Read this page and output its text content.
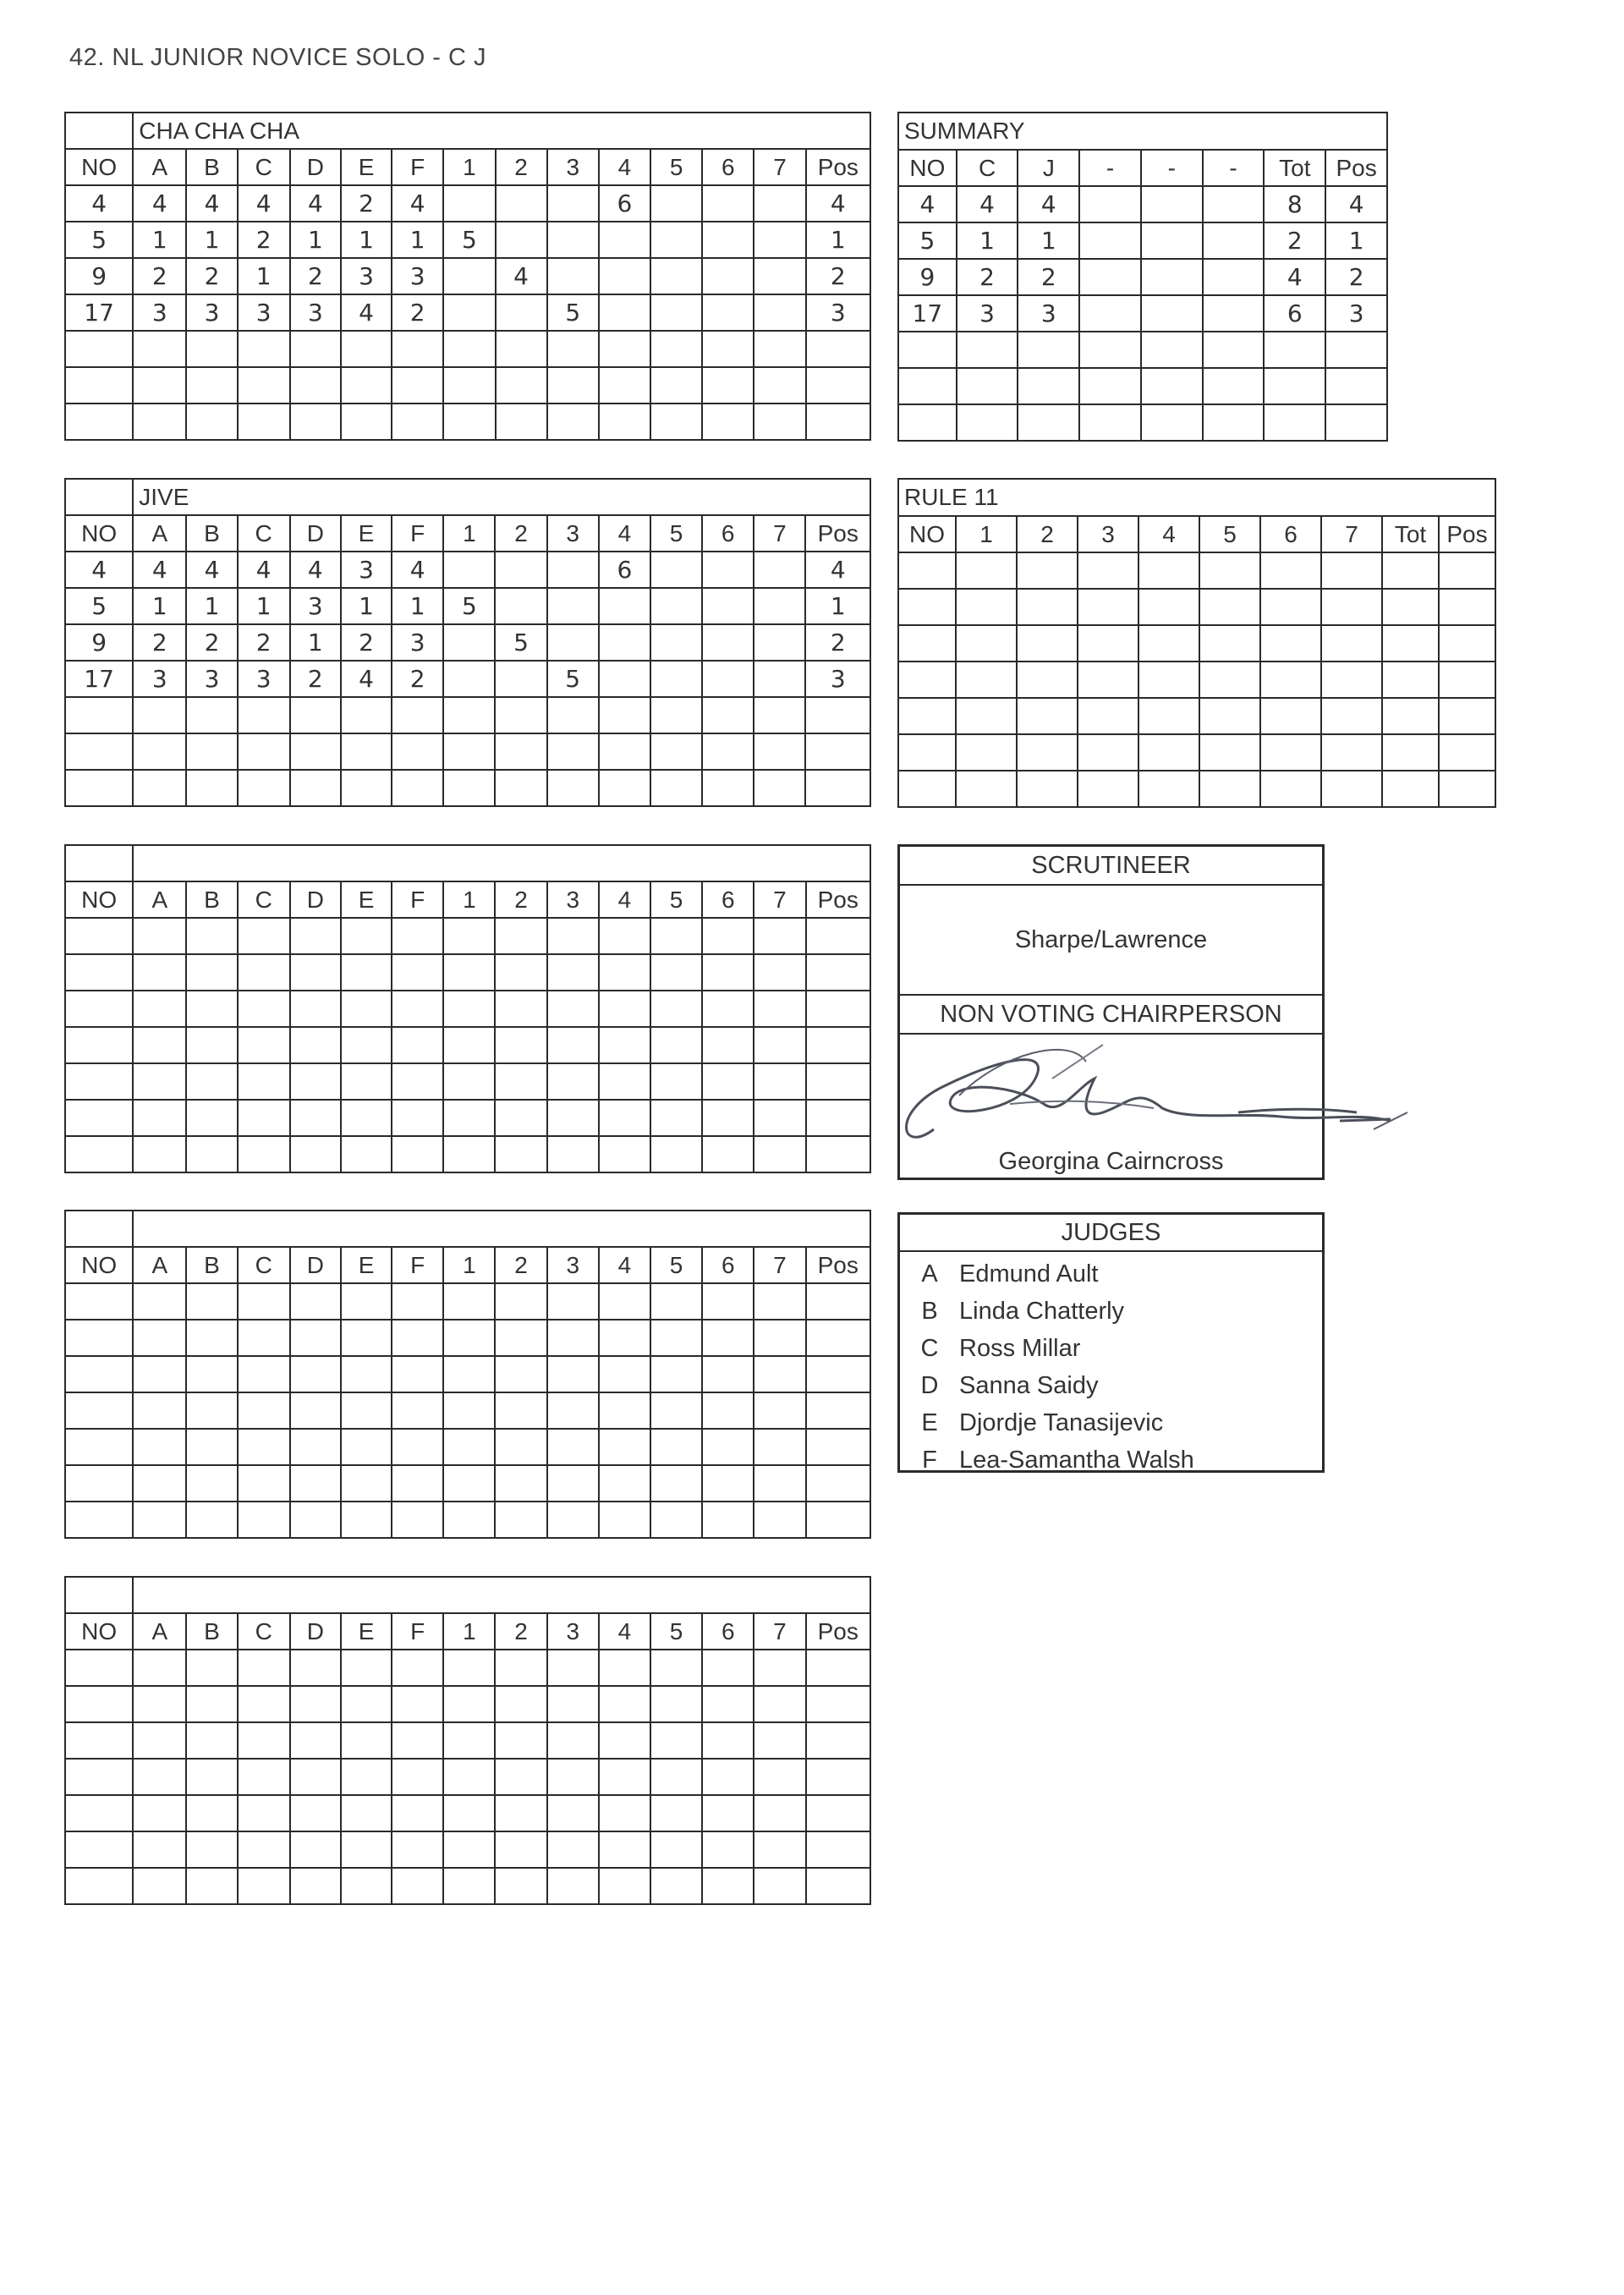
42. NL JUNIOR NOVICE SOLO - C J
	CHA CHA CHA													
NO	A	B	C	D	E	F	1	2	3	4	5	6	7	Pos
4	4	4	4	4	2	4				6				4
5	1	1	2	1	1	1	5							1
9	2	2	1	2	3	3		4						2
17	3	3	3	3	4	2			5					3

	JIVE													
NO	A	B	C	D	E	F	1	2	3	4	5	6	7	Pos
4	4	4	4	4	3	4				6				4
5	1	1	1	3	1	1	5							1
9	2	2	2	1	2	3		5						2
17	3	3	3	2	4	2			5					3

NO	A	B	C	D	E	F	1	2	3	4	5	6	7	Pos

NO	A	B	C	D	E	F	1	2	3	4	5	6	7	Pos

NO	A	B	C	D	E	F	1	2	3	4	5	6	7	Pos

SUMMARY							
NO	C	J	-	-	-	Tot	Pos
4	4	4				8	4
5	1	1				2	1
9	2	2				4	2
17	3	3				6	3

RULE 11									
NO	1	2	3	4	5	6	7	Tot	Pos

SCRUTINEER
Sharpe/Lawrence
NON VOTING CHAIRPERSON
Georgina Cairncross
JUDGES
A Edmund Ault
B Linda Chatterly
C Ross Millar
D Sanna Saidy
E Djordje Tanasijevic
F Lea-Samantha Walsh
